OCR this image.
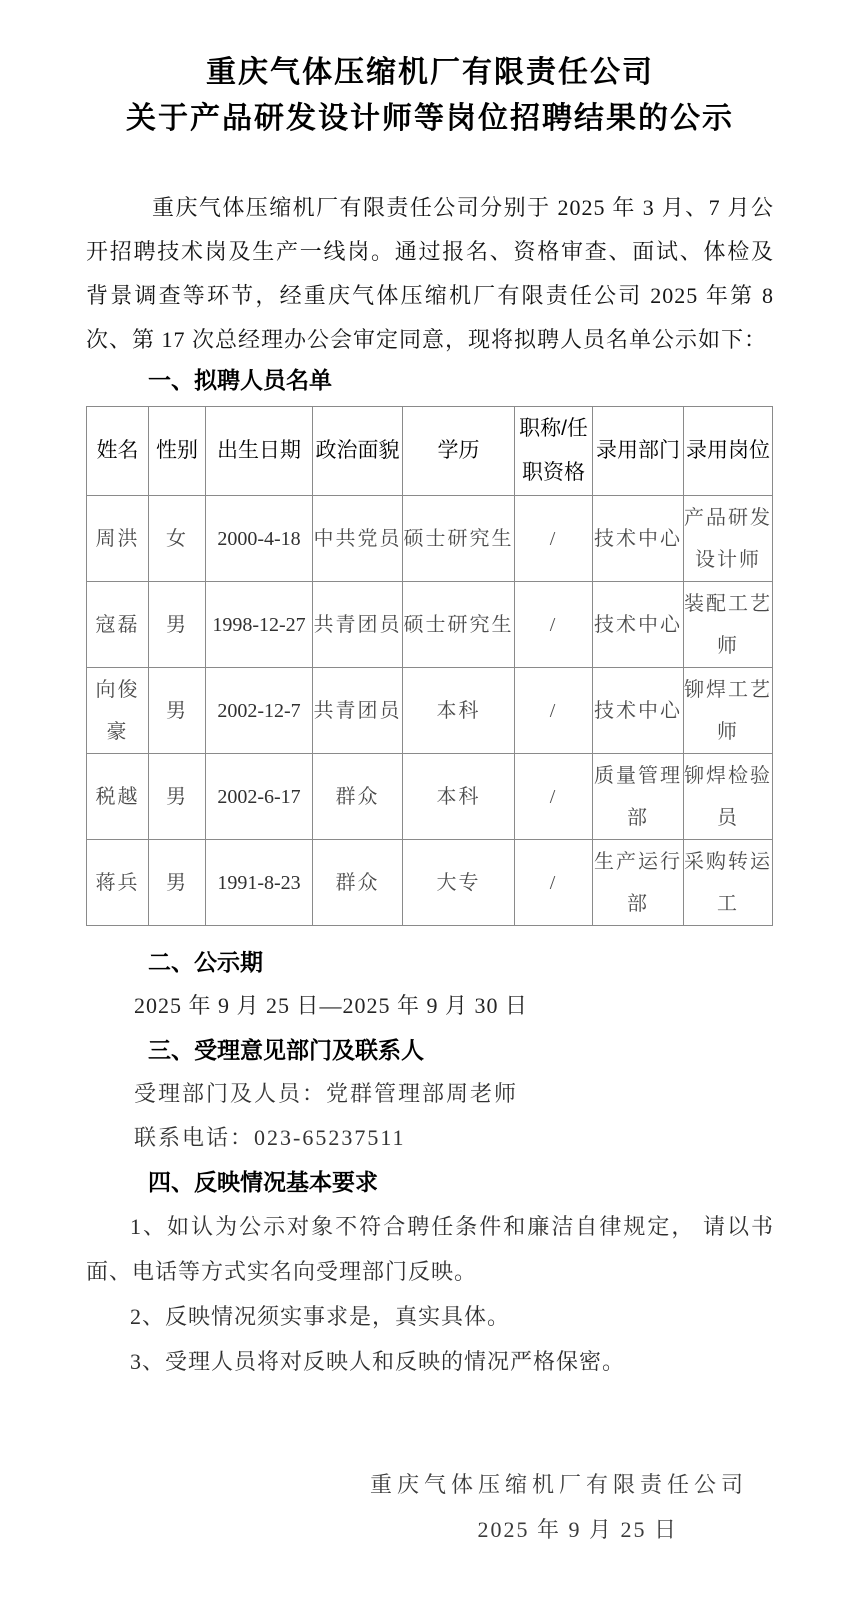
重庆气体压缩机厂有限责任公司
关于产品研发设计师等岗位招聘结果的公示

重庆气体压缩机厂有限责任公司分别于 2025 年 3 月、7 月公开招聘技术岗及生产一线岗。通过报名、资格审查、面试、体检及背景调查等环节，经重庆气体压缩机厂有限责任公司 2025 年第 8 次、第 17 次总经理办公会审定同意，现将拟聘人员名单公示如下：

一、拟聘人员名单
姓名	性别	出生日期	政治面貌	学历	职称/任职资格	录用部门	录用岗位
周洪	女	2000-4-18	中共党员	硕士研究生	/	技术中心	产品研发设计师
寇磊	男	1998-12-27	共青团员	硕士研究生	/	技术中心	装配工艺师
向俊豪	男	2002-12-7	共青团员	本科	/	技术中心	铆焊工艺师
税越	男	2002-6-17	群众	本科	/	质量管理部	铆焊检验员
蒋兵	男	1991-8-23	群众	大专	/	生产运行部	采购转运工
二、公示期

2025 年 9 月 25 日—2025 年 9 月 30 日

三、受理意见部门及联系人

受理部门及人员：党群管理部周老师

联系电话：023-65237511

四、反映情况基本要求

1、如认为公示对象不符合聘任条件和廉洁自律规定， 请以书面、电话等方式实名向受理部门反映。

2、反映情况须实事求是，真实具体。

3、受理人员将对反映人和反映的情况严格保密。

重庆气体压缩机厂有限责任公司

2025 年 9 月 25 日
